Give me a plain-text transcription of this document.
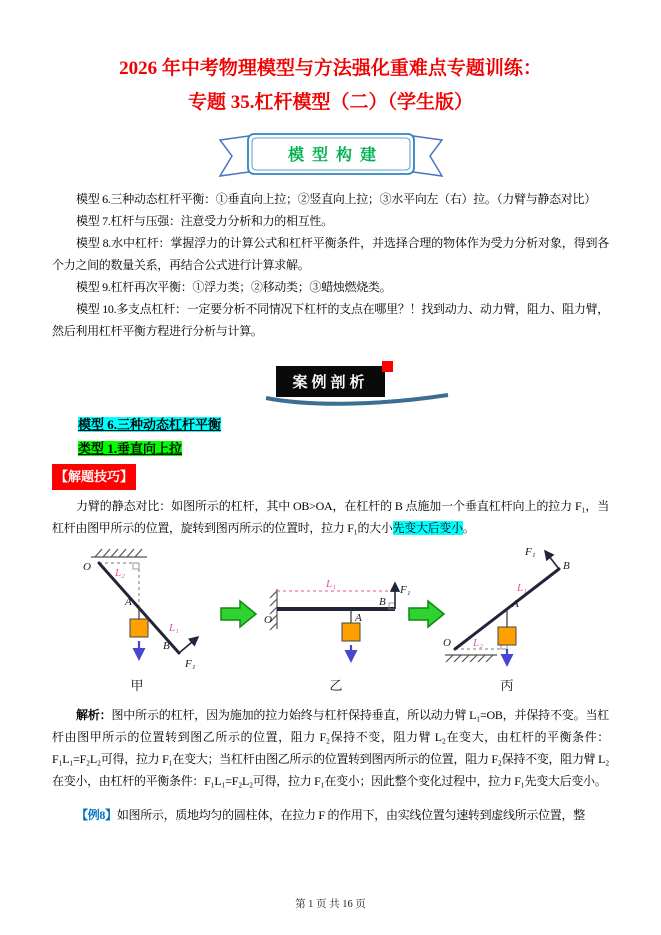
2026 年中考物理模型与方法强化重难点专题训练：
专题 35.杠杆模型（二）（学生版）
模型构建

模型 6.三种动态杠杆平衡：①垂直向上拉；②竖直向上拉；③水平向左（右）拉。（力臂与静态对比）

模型 7.杠杆与压强：注意受力分析和力的相互性。

模型 8.水中杠杆：掌握浮力的计算公式和杠杆平衡条件，并选择合理的物体作为受力分析对象，得到各个力之间的数量关系，再结合公式进行计算求解。

模型 9.杠杆再次平衡：①浮力类；②移动类；③蜡烛燃烧类。

模型 10.多支点杠杆：一定要分析不同情况下杠杆的支点在哪里？！找到动力、动力臂，阻力、阻力臂，然后利用杠杆平衡方程进行分析与计算。

案例剖析

模型 6.三种动态杠杆平衡

类型 1.垂直向上拉

【解题技巧】

力臂的静态对比：如图所示的杠杆，其中 OB>OA，在杠杆的 B 点施加一个垂直杠杆向上的拉力 F₁，当杠杆由图甲所示的位置，旋转到图丙所示的位置时，拉力 F₁的大小先变大后变小。

O L₂
A
B
L₁
F₁
甲
O
L₁
B
F₁
A
乙
O
B
F₁
A
L₁
L₂
丙

解析：图中所示的杠杆，因为施加的拉力始终与杠杆保持垂直，所以动力臂 L₁=OB，并保持不变。当杠杆由图甲所示的位置转到图乙所示的位置，阻力 F₂保持不变，阻力臂 L₂在变大，由杠杆的平衡条件：F₁L₁=F₂L₂可得，拉力 F₁在变大；当杠杆由图乙所示的位置转到图丙所示的位置，阻力 F₂保持不变，阻力臂 L₂在变小，由杠杆的平衡条件：F₁L₁=F₂L₂可得，拉力 F₁在变小；因此整个变化过程中，拉力 F₁先变大后变小。

【例8】如图所示，质地均匀的圆柱体，在拉力 F 的作用下，由实线位置匀速转到虚线所示位置，整

第 1 页 共 16 页
